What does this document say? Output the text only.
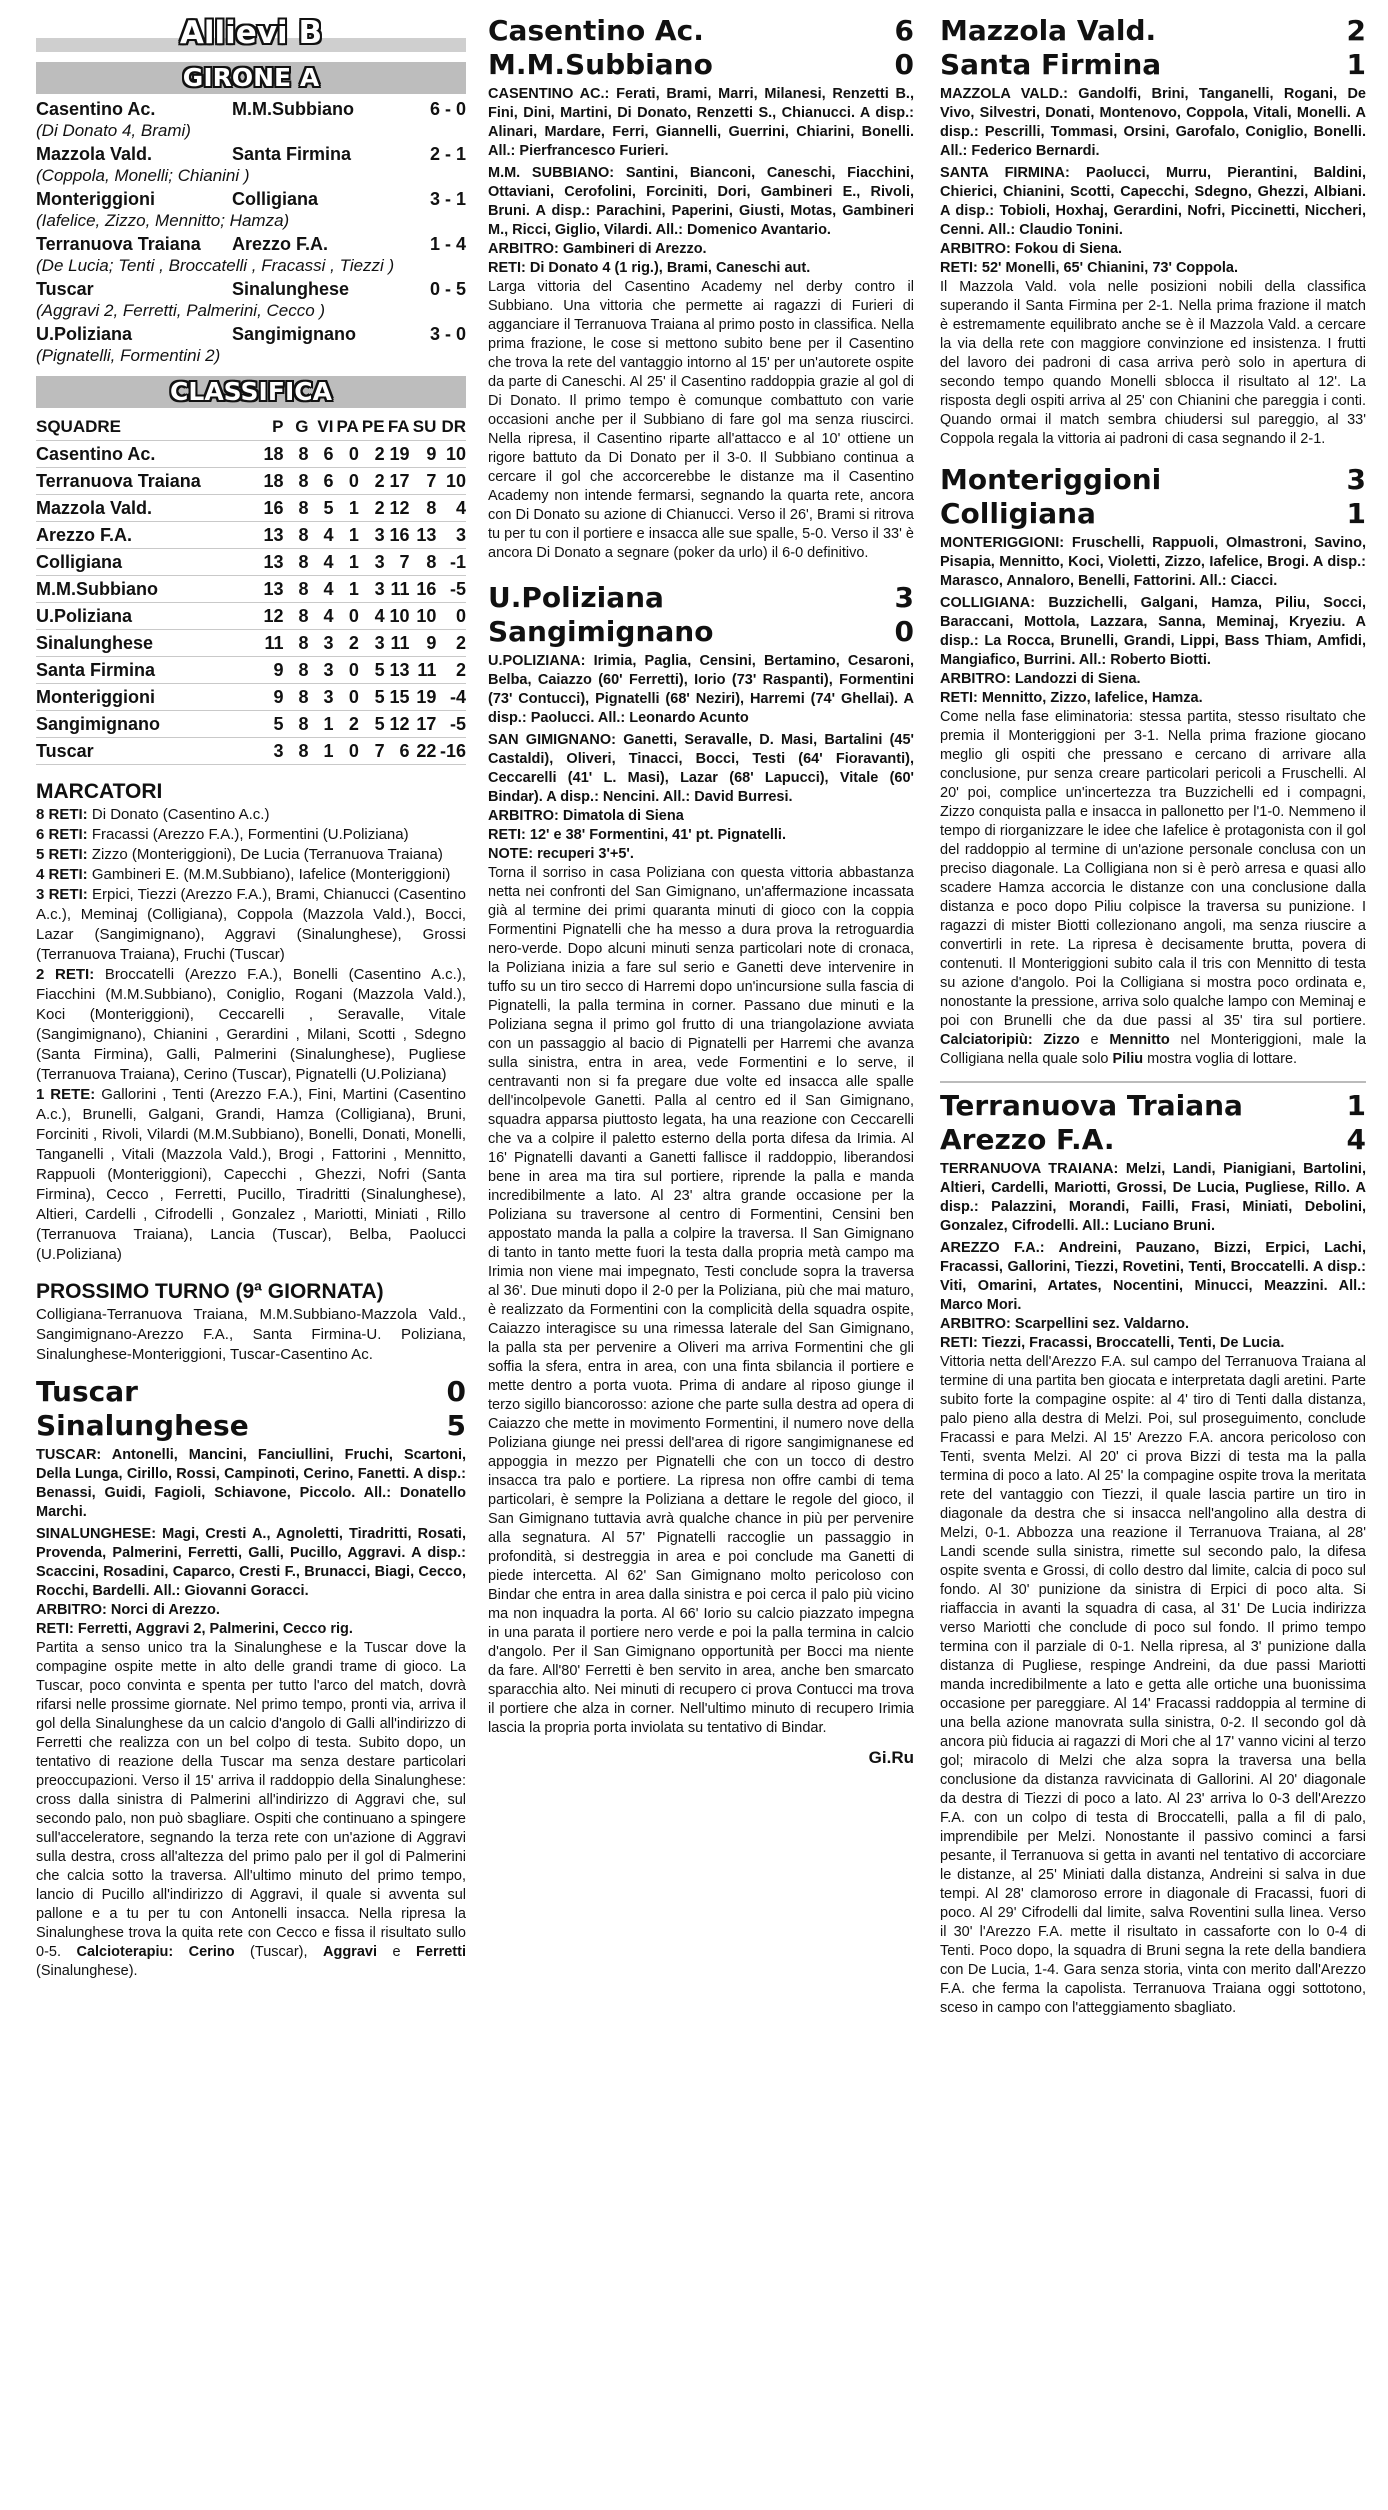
Allievi B
GIRONE A
Casentino Ac.	M.M.Subbiano	6 - 0
(Di Donato 4, Brami)
Mazzola Vald.	Santa Firmina	2 - 1
(Coppola, Monelli; Chianini )
Monteriggioni	Colligiana	3 - 1
(Iafelice, Zizzo, Mennitto; Hamza)
Terranuova Traiana	Arezzo F.A.	1 - 4
(De Lucia; Tenti , Broccatelli , Fracassi , Tiezzi )
Tuscar	Sinalunghese	0 - 5
(Aggravi 2, Ferretti, Palmerini, Cecco )
U.Poliziana	Sangimignano	3 - 0
(Pignatelli, Formentini 2)
CLASSIFICA
SQUADRE	P	G	VI	PA	PE	FA	SU	DR
Casentino Ac.	18	8	6	0	2	19	9	10
Terranuova Traiana	18	8	6	0	2	17	7	10
Mazzola Vald.	16	8	5	1	2	12	8	4
Arezzo F.A.	13	8	4	1	3	16	13	3
Colligiana	13	8	4	1	3	7	8	-1
M.M.Subbiano	13	8	4	1	3	11	16	-5
U.Poliziana	12	8	4	0	4	10	10	0
Sinalunghese	11	8	3	2	3	11	9	2
Santa Firmina	9	8	3	0	5	13	11	2
Monteriggioni	9	8	3	0	5	15	19	-4
Sangimignano	5	8	1	2	5	12	17	-5
Tuscar	3	8	1	0	7	6	22	-16
MARCATORI

8 RETI: Di Donato (Casentino A.c.)

6 RETI: Fracassi (Arezzo F.A.), Formentini (U.Poliziana)

5 RETI: Zizzo (Monteriggioni), De Lucia (Terranuova Traiana)

4 RETI: Gambineri E. (M.M.Subbiano), Iafelice (Monteriggioni)

3 RETI: Erpici, Tiezzi (Arezzo F.A.), Brami, Chianucci (Casentino A.c.), Meminaj (Colligiana), Coppola (Mazzola Vald.), Bocci, Lazar (Sangimignano), Aggravi (Sinalunghese), Grossi (Terranuova Traiana), Fruchi (Tuscar)

2 RETI: Broccatelli (Arezzo F.A.), Bonelli (Casentino A.c.), Fiacchini (M.M.Subbiano), Coniglio, Rogani (Mazzola Vald.), Koci (Monteriggioni), Ceccarelli , Seravalle, Vitale (Sangimignano), Chianini , Gerardini , Milani, Scotti , Sdegno (Santa Firmina), Galli, Palmerini (Sinalunghese), Pugliese (Terranuova Traiana), Cerino (Tuscar), Pignatelli (U.Poliziana)

1 RETE: Gallorini , Tenti (Arezzo F.A.), Fini, Martini (Casentino A.c.), Brunelli, Galgani, Grandi, Hamza (Colligiana), Bruni, Forciniti , Rivoli, Vilardi (M.M.Subbiano), Bonelli, Donati, Monelli, Tanganelli , Vitali (Mazzola Vald.), Brogi , Fattorini , Mennitto, Rappuoli (Monteriggioni), Capecchi , Ghezzi, Nofri (Santa Firmina), Cecco , Ferretti, Pucillo, Tiradritti (Sinalunghese), Altieri, Cardelli , Cifrodelli , Gonzalez , Mariotti, Miniati , Rillo (Terranuova Traiana), Lancia (Tuscar), Belba, Paolucci (U.Poliziana)

PROSSIMO TURNO (9ª GIORNATA)
Colligiana-Terranuova Traiana, M.M.Subbiano-Mazzola Vald., Sangimignano-Arezzo F.A., Santa Firmina-U. Poliziana, Sinalunghese-Monteriggioni, Tuscar-Casentino Ac.
Tuscar	0
Sinalunghese	5

TUSCAR: Antonelli, Mancini, Fanciullini, Fruchi, Scartoni, Della Lunga, Cirillo, Rossi, Campinoti, Cerino, Fanetti. A disp.: Benassi, Guidi, Fagioli, Schiavone, Piccolo. All.: Donatello Marchi.

SINALUNGHESE: Magi, Cresti A., Agnoletti, Tiradritti, Rosati, Provenda, Palmerini, Ferretti, Galli, Pucillo, Aggravi. A disp.: Scaccini, Rosadini, Caparco, Cresti F., Brunacci, Biagi, Cecco, Rocchi, Bardelli. All.: Giovanni Goracci.

ARBITRO: Norci di Arezzo.

RETI: Ferretti, Aggravi 2, Palmerini, Cecco rig.

Partita a senso unico tra la Sinalunghese e la Tuscar dove la compagine ospite mette in alto delle grandi trame di gioco. La Tuscar, poco convinta e spenta per tutto l'arco del match, dovrà rifarsi nelle prossime giornate. Nel primo tempo, pronti via, arriva il gol della Sinalunghese da un calcio d'angolo di Galli all'indirizzo di Ferretti che realizza con un bel colpo di testa. Subito dopo, un tentativo di reazione della Tuscar ma senza destare particolari preoccupazioni. Verso il 15' arriva il raddoppio della Sinalunghese: cross dalla sinistra di Palmerini all'indirizzo di Aggravi che, sul secondo palo, non può sbagliare. Ospiti che continuano a spingere sull'acceleratore, segnando la terza rete con un'azione di Aggravi sulla destra, cross all'altezza del primo palo per il gol di Palmerini che calcia sotto la traversa. All'ultimo minuto del primo tempo, lancio di Pucillo all'indirizzo di Aggravi, il quale si avventa sul pallone e a tu per tu con Antonelli insacca. Nella ripresa la Sinalunghese trova la quita rete con Cecco e fissa il risultato sullo 0-5. Calcioterapiu: Cerino (Tuscar), Aggravi e Ferretti (Sinalunghese).

Casentino Ac.	6
M.M.Subbiano	0

CASENTINO AC.: Ferati, Brami, Marri, Milanesi, Renzetti B., Fini, Dini, Martini, Di Donato, Renzetti S., Chianucci. A disp.: Alinari, Mardare, Ferri, Giannelli, Guerrini, Chiarini, Bonelli. All.: Pierfrancesco Furieri.

M.M. SUBBIANO: Santini, Bianconi, Caneschi, Fiacchini, Ottaviani, Cerofolini, Forciniti, Dori, Gambineri E., Rivoli, Bruni. A disp.: Parachini, Paperini, Giusti, Motas, Gambineri M., Ricci, Giglio, Vilardi. All.: Domenico Avantario.

ARBITRO: Gambineri di Arezzo.

RETI: Di Donato 4 (1 rig.), Brami, Caneschi aut.

Larga vittoria del Casentino Academy nel derby contro il Subbiano. Una vittoria che permette ai ragazzi di Furieri di agganciare il Terranuova Traiana al primo posto in classifica. Nella prima frazione, le cose si mettono subito bene per il Casentino che trova la rete del vantaggio intorno al 15' per un'autorete ospite da parte di Caneschi. Al 25' il Casentino raddoppia grazie al gol di Di Donato. Il primo tempo è comunque combattuto con varie occasioni anche per il Subbiano di fare gol ma senza riuscirci. Nella ripresa, il Casentino riparte all'attacco e al 10' ottiene un rigore battuto da Di Donato per il 3-0. Il Subbiano continua a cercare il gol che accorcerebbe le distanze ma il Casentino Academy non intende fermarsi, segnando la quarta rete, ancora con Di Donato su azione di Chianucci. Verso il 26', Brami si ritrova tu per tu con il portiere e insacca alle sue spalle, 5-0. Verso il 33' è ancora Di Donato a segnare (poker da urlo) il 6-0 definitivo.

U.Poliziana	3
Sangimignano	0

U.POLIZIANA: Irimia, Paglia, Censini, Bertamino, Cesaroni, Belba, Caiazzo (60' Ferretti), Iorio (73' Raspanti), Formentini (73' Contucci), Pignatelli (68' Neziri), Harremi (74' Ghellai). A disp.: Paolucci. All.: Leonardo Acunto

SAN GIMIGNANO: Ganetti, Seravalle, D. Masi, Bartalini (45' Castaldi), Oliveri, Tinacci, Bocci, Testi (64' Fioravanti), Ceccarelli (41' L. Masi), Lazar (68' Lapucci), Vitale (60' Bindar). A disp.: Nencini. All.: David Burresi.

ARBITRO: Dimatola di Siena

RETI: 12' e 38' Formentini, 41' pt. Pignatelli.

NOTE: recuperi 3'+5'.

Torna il sorriso in casa Poliziana con questa vittoria abbastanza netta nei confronti del San Gimignano, un'affermazione incassata già al termine dei primi quaranta minuti di gioco con la coppia Formentini Pignatelli che ha messo a dura prova la retroguardia nero-verde. Dopo alcuni minuti senza particolari note di cronaca, la Poliziana inizia a fare sul serio e Ganetti deve intervenire in tuffo su un tiro secco di Harremi dopo un'incursione sulla fascia di Pignatelli, la palla termina in corner. Passano due minuti e la Poliziana segna il primo gol frutto di una triangolazione avviata con un passaggio al bacio di Pignatelli per Harremi che avanza sulla sinistra, entra in area, vede Formentini e lo serve, il centravanti non si fa pregare due volte ed insacca alle spalle dell'incolpevole Ganetti. Palla al centro ed il San Gimignano, squadra apparsa piuttosto legata, ha una reazione con Ceccarelli che va a colpire il paletto esterno della porta difesa da Irimia. Al 16' Pignatelli davanti a Ganetti fallisce il raddoppio, liberandosi bene in area ma tira sul portiere, riprende la palla e manda incredibilmente a lato. Al 23' altra grande occasione per la Poliziana su traversone al centro di Formentini, Censini ben appostato manda la palla a colpire la traversa. Il San Gimignano di tanto in tanto mette fuori la testa dalla propria metà campo ma Irimia non viene mai impegnato, Testi conclude sopra la traversa al 36'. Due minuti dopo il 2-0 per la Poliziana, più che mai maturo, è realizzato da Formentini con la complicità della squadra ospite, Caiazzo interagisce su una rimessa laterale del San Gimignano, la palla sta per pervenire a Oliveri ma arriva Formentini che gli soffia la sfera, entra in area, con una finta sbilancia il portiere e mette dentro a porta vuota. Prima di andare al riposo giunge il terzo sigillo biancorosso: azione che parte sulla destra ad opera di Caiazzo che mette in movimento Formentini, il numero nove della Poliziana giunge nei pressi dell'area di rigore sangimignanese ed appoggia in mezzo per Pignatelli che con un tocco di destro insacca tra palo e portiere. La ripresa non offre cambi di tema particolari, è sempre la Poliziana a dettare le regole del gioco, il San Gimignano tuttavia avrà qualche chance in più per pervenire alla segnatura. Al 57' Pignatelli raccoglie un passaggio in profondità, si destreggia in area e poi conclude ma Ganetti di piede intercetta. Al 62' San Gimignano molto pericoloso con Bindar che entra in area dalla sinistra e poi cerca il palo più vicino ma non inquadra la porta. Al 66' Iorio su calcio piazzato impegna in una parata il portiere nero verde e poi la palla termina in calcio d'angolo. Per il San Gimignano opportunità per Bocci ma niente da fare. All'80' Ferretti è ben servito in area, anche ben smarcato sparacchia alto. Nei minuti di recupero ci prova Contucci ma trova il portiere che alza in corner. Nell'ultimo minuto di recupero Irimia lascia la propria porta inviolata su tentativo di Bindar.

Gi.Ru
Mazzola Vald.	2
Santa Firmina	1

MAZZOLA VALD.: Gandolfi, Brini, Tanganelli, Rogani, De Vivo, Silvestri, Donati, Montenovo, Coppola, Vitali, Monelli. A disp.: Pescrilli, Tommasi, Orsini, Garofalo, Coniglio, Bonelli. All.: Federico Bernardi.

SANTA FIRMINA: Paolucci, Murru, Pierantini, Baldini, Chierici, Chianini, Scotti, Capecchi, Sdegno, Ghezzi, Albiani. A disp.: Tobioli, Hoxhaj, Gerardini, Nofri, Piccinetti, Niccheri, Cenni. All.: Claudio Tonini.

ARBITRO: Fokou di Siena.

RETI: 52' Monelli, 65' Chianini, 73' Coppola.

Il Mazzola Vald. vola nelle posizioni nobili della classifica superando il Santa Firmina per 2-1. Nella prima frazione il match è estremamente equilibrato anche se è il Mazzola Vald. a cercare la via della rete con maggiore convinzione ed insistenza. I frutti del lavoro dei padroni di casa arriva però solo in apertura di secondo tempo quando Monelli sblocca il risultato al 12'. La risposta degli ospiti arriva al 25' con Chianini che pareggia i conti. Quando ormai il match sembra chiudersi sul pareggio, al 33' Coppola regala la vittoria ai padroni di casa segnando il 2-1.

Monteriggioni	3
Colligiana	1

MONTERIGGIONI: Fruschelli, Rappuoli, Olmastroni, Savino, Pisapia, Mennitto, Koci, Violetti, Zizzo, Iafelice, Brogi. A disp.: Marasco, Annaloro, Benelli, Fattorini. All.: Ciacci.

COLLIGIANA: Buzzichelli, Galgani, Hamza, Piliu, Socci, Baraccani, Mottola, Lazzara, Sanna, Meminaj, Kryeziu. A disp.: La Rocca, Brunelli, Grandi, Lippi, Bass Thiam, Amfidi, Mangiafico, Burrini. All.: Roberto Biotti.

ARBITRO: Landozzi di Siena.

RETI: Mennitto, Zizzo, Iafelice, Hamza.

Come nella fase eliminatoria: stessa partita, stesso risultato che premia il Monteriggioni per 3-1. Nella prima frazione giocano meglio gli ospiti che pressano e cercano di arrivare alla conclusione, pur senza creare particolari pericoli a Fruschelli. Al 20' poi, complice un'incertezza tra Buzzichelli ed i compagni, Zizzo conquista palla e insacca in pallonetto per l'1-0. Nemmeno il tempo di riorganizzare le idee che Iafelice è protagonista con il gol del raddoppio al termine di un'azione personale conclusa con un preciso diagonale. La Colligiana non si è però arresa e quasi allo scadere Hamza accorcia le distanze con una conclusione dalla distanza e poco dopo Piliu colpisce la traversa su punizione. I ragazzi di mister Biotti collezionano angoli, ma senza riuscire a convertirli in rete. La ripresa è decisamente brutta, povera di contenuti. Il Monteriggioni subito cala il tris con Mennitto di testa su azione d'angolo. Poi la Colligiana si mostra poco ordinata e, nonostante la pressione, arriva solo qualche lampo con Meminaj e poi con Brunelli che da due passi al 35' tira sul portiere. Calciatoripiù: Zizzo e Mennitto nel Monteriggioni, male la Colligiana nella quale solo Piliu mostra voglia di lottare.

Terranuova Traiana	1
Arezzo F.A.	4

TERRANUOVA TRAIANA: Melzi, Landi, Pianigiani, Bartolini, Altieri, Cardelli, Mariotti, Grossi, De Lucia, Pugliese, Rillo. A disp.: Palazzini, Morandi, Failli, Frasi, Miniati, Debolini, Gonzalez, Cifrodelli. All.: Luciano Bruni.

AREZZO F.A.: Andreini, Pauzano, Bizzi, Erpici, Lachi, Fracassi, Gallorini, Tiezzi, Rovetini, Tenti, Broccatelli. A disp.: Viti, Omarini, Artates, Nocentini, Minucci, Meazzini. All.: Marco Mori.

ARBITRO: Scarpellini sez. Valdarno.

RETI: Tiezzi, Fracassi, Broccatelli, Tenti, De Lucia.

Vittoria netta dell'Arezzo F.A. sul campo del Terranuova Traiana al termine di una partita ben giocata e interpretata dagli aretini. Parte subito forte la compagine ospite: al 4' tiro di Tenti dalla distanza, palo pieno alla destra di Melzi. Poi, sul proseguimento, conclude Fracassi e para Melzi. Al 15' Arezzo F.A. ancora pericoloso con Tenti, sventa Melzi. Al 20' ci prova Bizzi di testa ma la palla termina di poco a lato. Al 25' la compagine ospite trova la meritata rete del vantaggio con Tiezzi, il quale lascia partire un tiro in diagonale da destra che si insacca nell'angolino alla destra di Melzi, 0-1. Abbozza una reazione il Terranuova Traiana, al 28' Landi scende sulla sinistra, rimette sul secondo palo, la difesa ospite sventa e Grossi, di collo destro dal limite, calcia di poco sul fondo. Al 30' punizione da sinistra di Erpici di poco alta. Si riaffaccia in avanti la squadra di casa, al 31' De Lucia indirizza verso Mariotti che conclude di poco sul fondo. Il primo tempo termina con il parziale di 0-1. Nella ripresa, al 3' punizione dalla distanza di Pugliese, respinge Andreini, da due passi Mariotti manda incredibilmente a lato e getta alle ortiche una buonissima occasione per pareggiare. Al 14' Fracassi raddoppia al termine di una bella azione manovrata sulla sinistra, 0-2. Il secondo gol dà ancora più fiducia ai ragazzi di Mori che al 17' vanno vicini al terzo gol; miracolo di Melzi che alza sopra la traversa una bella conclusione da distanza ravvicinata di Gallorini. Al 20' diagonale da destra di Tiezzi di poco a lato. Al 23' arriva lo 0-3 dell'Arezzo F.A. con un colpo di testa di Broccatelli, palla a fil di palo, imprendibile per Melzi. Nonostante il passivo cominci a farsi pesante, il Terranuova si getta in avanti nel tentativo di accorciare le distanze, al 25' Miniati dalla distanza, Andreini si salva in due tempi. Al 28' clamoroso errore in diagonale di Fracassi, fuori di poco. Al 29' Cifrodelli dal limite, salva Roventini sulla linea. Verso il 30' l'Arezzo F.A. mette il risultato in cassaforte con lo 0-4 di Tenti. Poco dopo, la squadra di Bruni segna la rete della bandiera con De Lucia, 1-4. Gara senza storia, vinta con merito dall'Arezzo F.A. che ferma la capolista. Terranuova Traiana oggi sottotono, sceso in campo con l'atteggiamento sbagliato.
